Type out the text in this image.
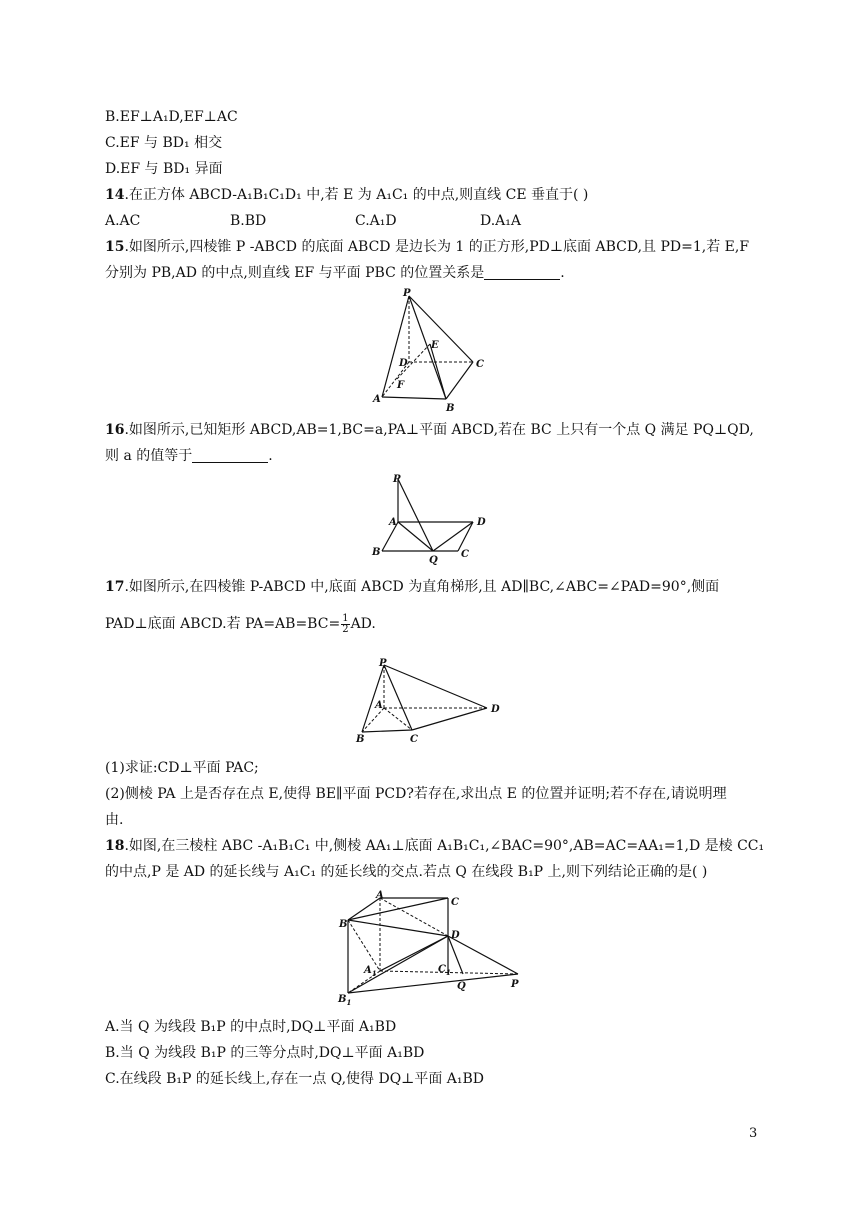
B.EF⊥A₁D,EF⊥AC
C.EF 与 BD₁ 相交
D.EF 与 BD₁ 异面
14.在正方体 ABCD-A₁B₁C₁D₁ 中,若 E 为 A₁C₁ 的中点,则直线 CE 垂直于( )
A.AC	B.BD	C.A₁D	D.A₁A
15.如图所示,四棱锥 P -ABCD 的底面 ABCD 是边长为 1 的正方形,PD⊥底面 ABCD,且 PD=1,若 E,F
分别为 PB,AD 的中点,则直线 EF 与平面 PBC 的位置关系是	.
P
D
E
C
F
A
B
16.如图所示,已知矩形 ABCD,AB=1,BC=a,PA⊥平面 ABCD,若在 BC 上只有一个点 Q 满足 PQ⊥QD,
则 a 的值等于	.
P
A	D
B
Q
C
17.如图所示,在四棱锥 P-ABCD 中,底面 ABCD 为直角梯形,且 AD∥BC,∠ABC=∠PAD=90°,侧面
PAD⊥底面 ABCD.若 $PA=AB=BC= \frac{1}{2}$ AD.
P
A	D
B	C
(1)求证:CD⊥平面 PAC;
(2)侧棱 PA 上是否存在点 E,使得 BE∥平面 PCD?若存在,求出点 E 的位置并证明;若不存在,请说明理
由.
18.如图,在三棱柱 ABC -A₁B₁C₁ 中,侧棱 AA₁⊥底面 A₁B₁C₁,∠BAC=90°,AB=AC=AA₁=1,D 是棱 CC₁
的中点,P 是 AD 的延长线与 A₁C₁ 的延长线的交点.若点 Q 在线段 B₁P 上,则下列结论正确的是( )
A
C
B
D
$A_1$	$C_1$
$B_1$
Q	P
A.当 Q 为线段 B₁P 的中点时,DQ⊥平面 A₁BD
B.当 Q 为线段 B₁P 的三等分点时,DQ⊥平面 A₁BD
C.在线段 B₁P 的延长线上,存在一点 Q,使得 DQ⊥平面 A₁BD
3
